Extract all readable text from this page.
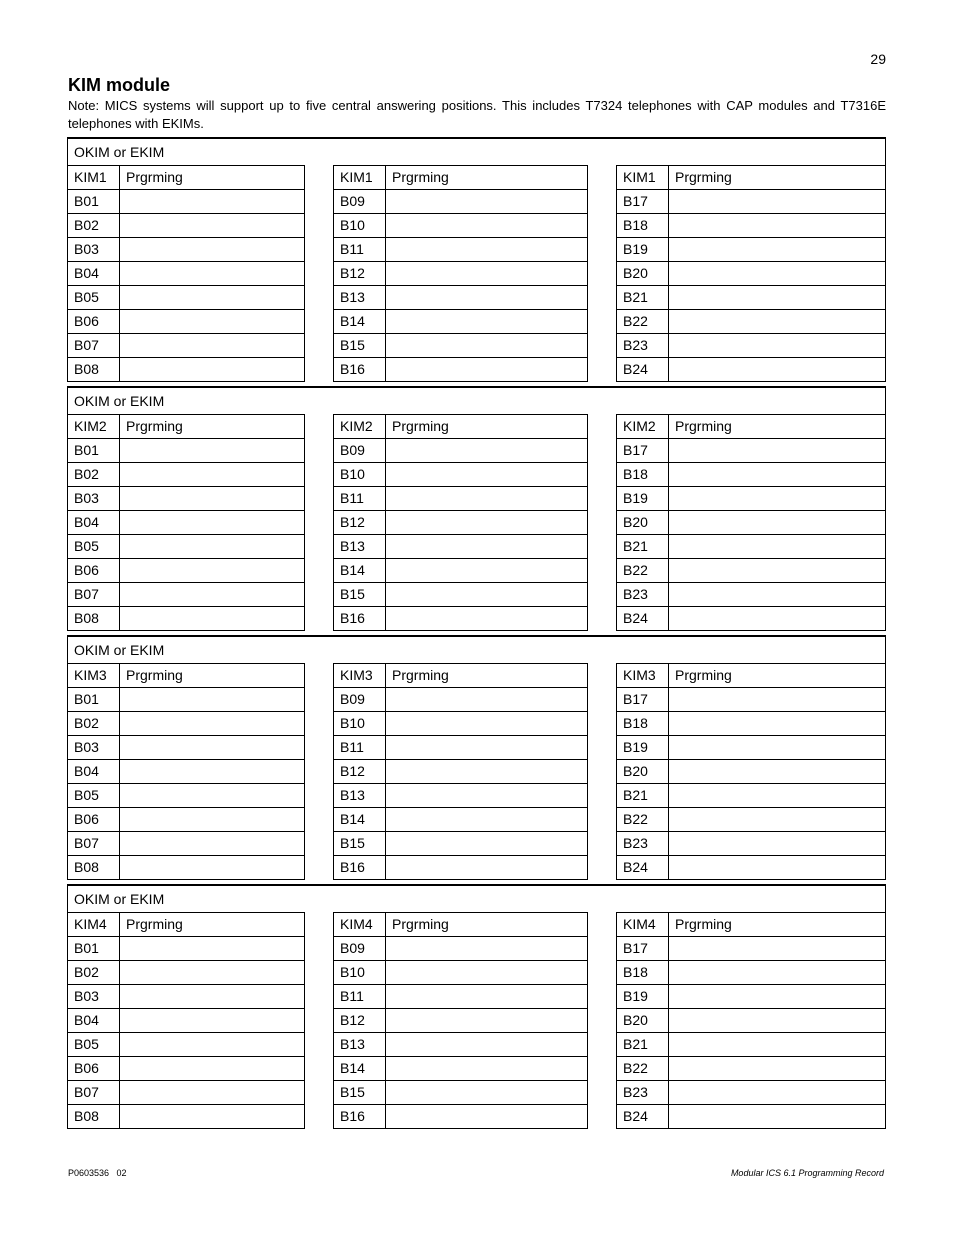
29
KIM module

Note: MICS systems will support up to five central answering positions. This includes T7324 telephones with CAP modules and T7316E telephones with EKIMs.

OKIM or EKIM
KIM1	Prgrming
B01	
B02	
B03	
B04	
B05	
B06	
B07	
B08	
KIM1	Prgrming
B09	
B10	
B11	
B12	
B13	
B14	
B15	
B16	
KIM1	Prgrming
B17	
B18	
B19	
B20	
B21	
B22	
B23	
B24	
OKIM or EKIM
KIM2	Prgrming
B01	
B02	
B03	
B04	
B05	
B06	
B07	
B08	
KIM2	Prgrming
B09	
B10	
B11	
B12	
B13	
B14	
B15	
B16	
KIM2	Prgrming
B17	
B18	
B19	
B20	
B21	
B22	
B23	
B24	
OKIM or EKIM
KIM3	Prgrming
B01	
B02	
B03	
B04	
B05	
B06	
B07	
B08	
KIM3	Prgrming
B09	
B10	
B11	
B12	
B13	
B14	
B15	
B16	
KIM3	Prgrming
B17	
B18	
B19	
B20	
B21	
B22	
B23	
B24	
OKIM or EKIM
KIM4	Prgrming
B01	
B02	
B03	
B04	
B05	
B06	
B07	
B08	
KIM4	Prgrming
B09	
B10	
B11	
B12	
B13	
B14	
B15	
B16	
KIM4	Prgrming
B17	
B18	
B19	
B20	
B21	
B22	
B23	
B24	
P0603536   02	Modular ICS 6.1 Programming Record
